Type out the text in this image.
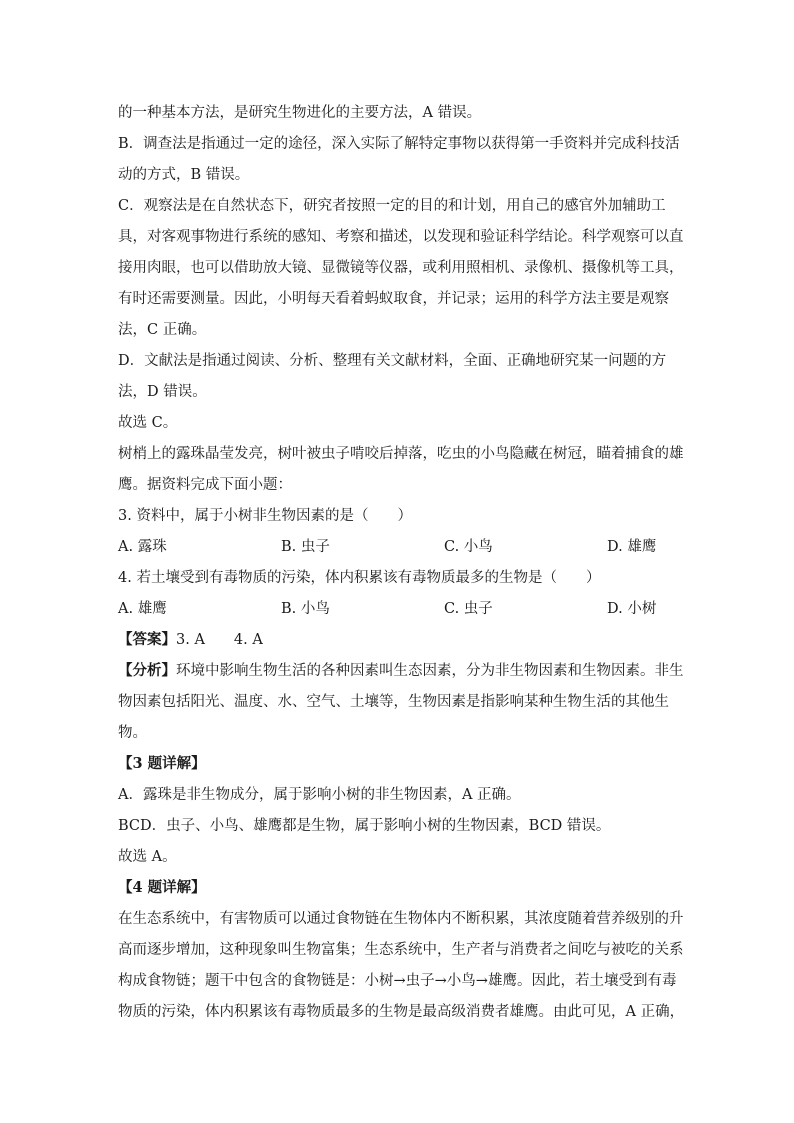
的一种基本方法，是研究生物进化的主要方法，A 错误。
B．调查法是指通过一定的途径，深入实际了解特定事物以获得第一手资料并完成科技活
动的方式，B 错误。
C．观察法是在自然状态下，研究者按照一定的目的和计划，用自己的感官外加辅助工
具，对客观事物进行系统的感知、考察和描述，以发现和验证科学结论。科学观察可以直
接用肉眼，也可以借助放大镜、显微镜等仪器，或利用照相机、录像机、摄像机等工具，
有时还需要测量。因此，小明每天看着蚂蚁取食，并记录；运用的科学方法主要是观察
法，C 正确。
D．文献法是指通过阅读、分析、整理有关文献材料，全面、正确地研究某一问题的方
法，D 错误。
故选 C。
树梢上的露珠晶莹发亮，树叶被虫子啃咬后掉落，吃虫的小鸟隐藏在树冠，瞄着捕食的雄
鹰。据资料完成下面小题：
3. 资料中，属于小树非生物因素的是（　　）
A. 露珠	B. 虫子	C. 小鸟	D. 雄鹰
4. 若土壤受到有毒物质的污染，体内积累该有毒物质最多的生物是（　　）
A. 雄鹰	B. 小鸟	C. 虫子	D. 小树
【答案】3. A　　4. A
【分析】环境中影响生物生活的各种因素叫生态因素，分为非生物因素和生物因素。非生
物因素包括阳光、温度、水、空气、土壤等，生物因素是指影响某种生物生活的其他生
物。
【3 题详解】
A．露珠是非生物成分，属于影响小树的非生物因素，A 正确。
BCD．虫子、小鸟、雄鹰都是生物，属于影响小树的生物因素，BCD 错误。
故选 A。
【4 题详解】
在生态系统中，有害物质可以通过食物链在生物体内不断积累，其浓度随着营养级别的升
高而逐步增加，这种现象叫生物富集；生态系统中，生产者与消费者之间吃与被吃的关系
构成食物链；题干中包含的食物链是：小树→虫子→小鸟→雄鹰。因此，若土壤受到有毒
物质的污染，体内积累该有毒物质最多的生物是最高级消费者雄鹰。由此可见，A 正确，
